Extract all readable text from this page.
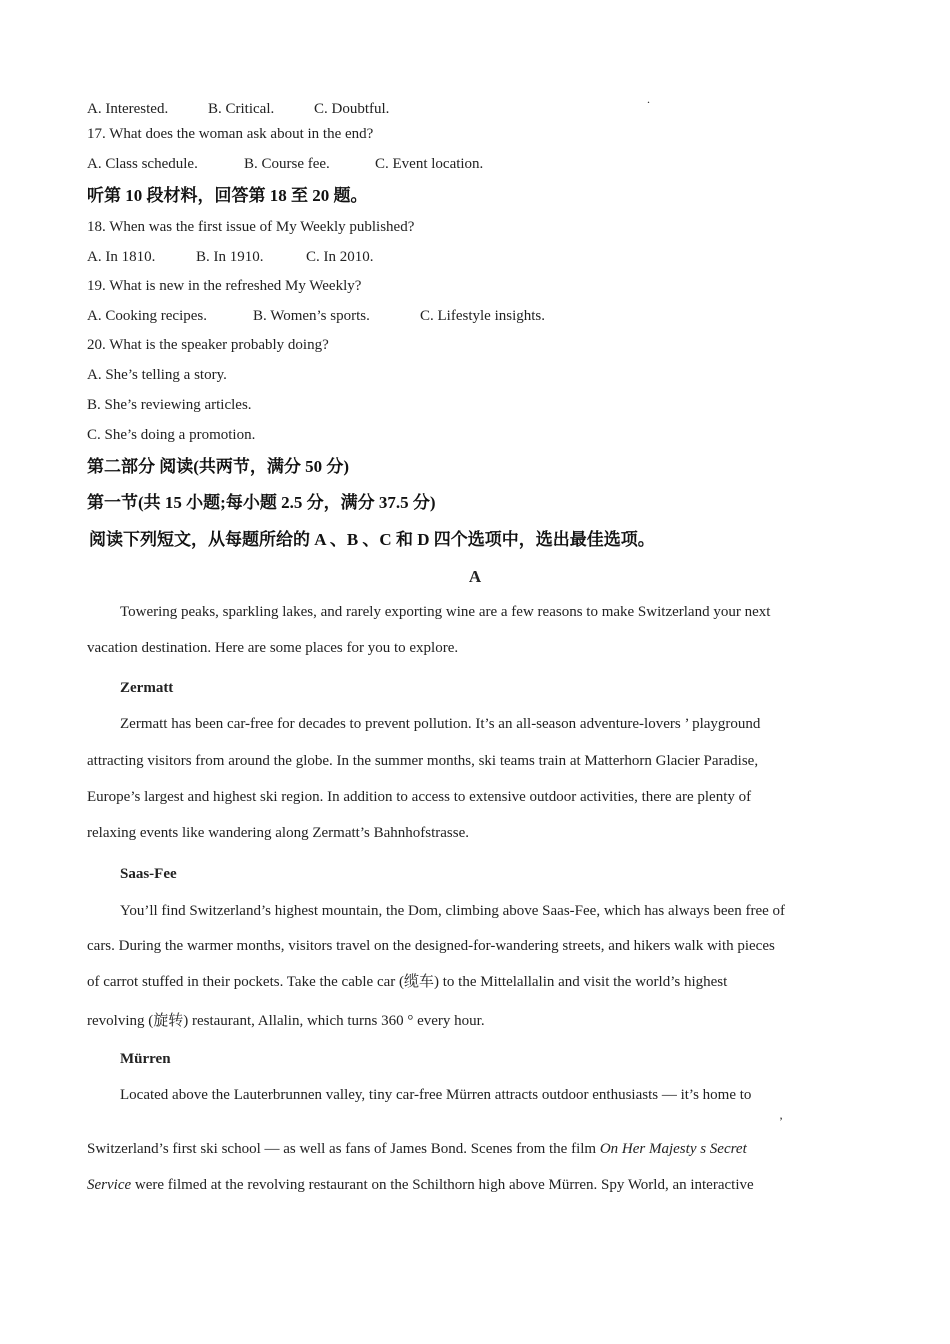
.
A. Interested.	B. Critical.	C. Doubtful.
17. What does the woman ask about in the end?
A. Class schedule.	B. Course fee.	C. Event location.
听第 10 段材料，回答第 18 至 20 题。
18. When was the first issue of My Weekly published?
A. In 1810.	B. In 1910.	C. In 2010.
19. What is new in the refreshed My Weekly?
A. Cooking recipes.	B. Women’s sports.	C. Lifestyle insights.
20. What is the speaker probably doing?
A. She’s telling a story.
B. She’s reviewing articles.
C. She’s doing a promotion.
第二部分 阅读(共两节，满分 50 分)
第一节(共 15 小题;每小题 2.5 分，满分 37.5 分)
阅读下列短文，从每题所给的 A 、B 、C 和 D 四个选项中，选出最佳选项。
A
Towering peaks, sparkling lakes, and rarely exporting wine are a few reasons to make Switzerland your next
vacation destination. Here are some places for you to explore.
Zermatt
Zermatt has been car-free for decades to prevent pollution. It’s an all-season adventure-lovers ’ playground
attracting visitors from around the globe. In the summer months, ski teams train at Matterhorn Glacier Paradise,
Europe’s largest and highest ski region. In addition to access to extensive outdoor activities, there are plenty of
relaxing events like wandering along Zermatt’s Bahnhofstrasse.
Saas-Fee
You’ll find Switzerland’s highest mountain, the Dom, climbing above Saas-Fee, which has always been free of
cars. During the warmer months, visitors travel on the designed-for-wandering streets, and hikers walk with pieces
of carrot stuffed in their pockets. Take the cable car (缆车) to the Mittelallalin and visit the world’s highest
revolving (旋转) restaurant, Allalin, which turns 360 ° every hour.
Mürren
Located above the Lauterbrunnen valley, tiny car-free Mürren attracts outdoor enthusiasts — it’s home to
’
Switzerland’s first ski school — as well as fans of James Bond. Scenes from the film On Her Majesty s Secret
Service were filmed at the revolving restaurant on the Schilthorn high above Mürren. Spy World, an interactive
